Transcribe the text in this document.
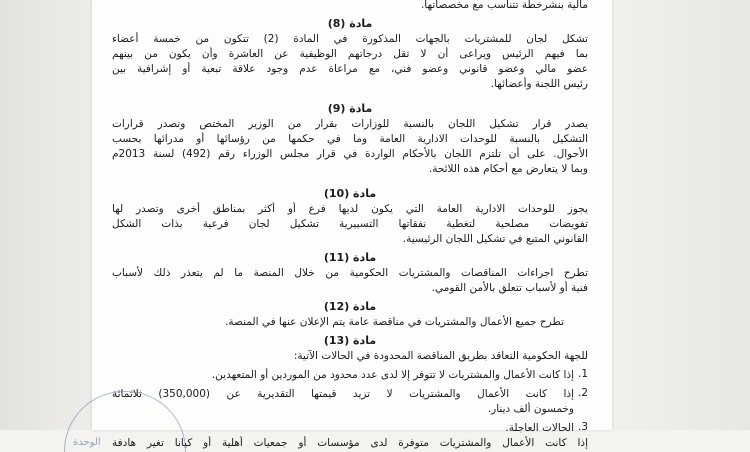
مالية بنشرخطة تتناسب مع مخصصاتها.
مادة (8)
تشكل لجان للمشتريات بالجهات المذكورة في المادة (2) تتكون من خمسة أعضاء
بما فيهم الرئيس ويراعى أن لا تقل درجاتهم الوظيفية عن العاشرة وأن يكون من بينهم
عضو مالي وعضو قانوني وعضو فني، مع مراعاة عدم وجود علاقة تبعية أو إشرافية بين
رئيس اللجنة وأعضائها.
مادة (9)
يصدر قرار تشكيل اللجان بالنسبة للوزارات بقرار من الوزير المختص وتصدر قرارات
التشكيل بالنسبة للوحدات الادارية العامة وما في حكمها من رؤسائها أو مدرائها بحسب
الأحوال. على أن تلتزم اللجان بالأحكام الواردة في قرار مجلس الوزراء رقم (492) لسنة 2013م
وبما لا يتعارض مع أحكام هذه اللائحة.
مادة (10)
يجوز للوحدات الادارية العامة التي يكون لديها فرع أو أكثر بمناطق أخرى وتصدر لها
تفويضات مصلحية لتغطية نفقاتها التسييرية تشكيل لجان فرعية بذات الشكل
القانوني المتبع في تشكيل اللجان الرئيسية.
مادة (11)
تطرح اجراءات المناقصات والمشتريات الحكومية من خلال المنصة ما لم يتعذر ذلك لأسباب
فنية أو لأسباب تتعلق بالأمن القومي.
مادة (12)
تطرح جميع الأعمال والمشتريات في مناقصة عامة يتم الإعلان عنها في المنصة.
مادة (13)
للجهة الحكومية التعاقد بطريق المناقصة المحدودة في الحالات الآتية:
1.
إذا كانت الأعمال والمشتريات لا تتوفر إلا لدى عدد محدود من الموردين أو المتعهدين.
2.
إذا كانت الأعمال والمشتريات لا تزيد قيمتها التقديرية عن (350,000) ثلاثمائة
وخمسون ألف دينار.
3.
الحالات العاجلة.
إذا كانت الأعمال والمشتريات متوفرة لدى مؤسسات أو جمعيات أهلية أو كيانا تغير هادفة
الوحدة
